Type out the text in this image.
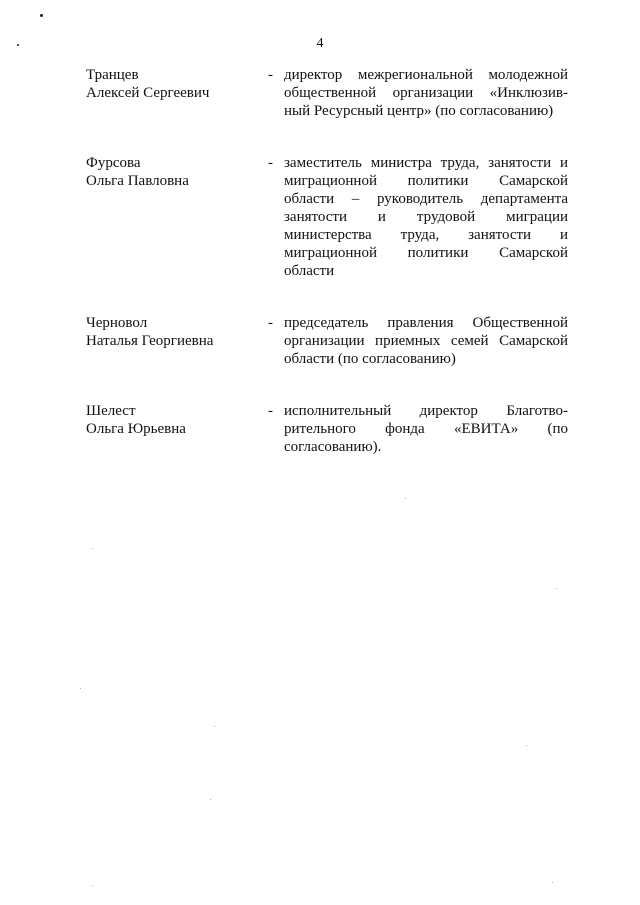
4
Транцев
Алексей Сергеевич
- директор межрегиональной молодежной
общественной организации «Инклюзив-
ный Ресурсный центр» (по согласованию)
Фурсова
Ольга Павловна
- заместитель министра труда, занятости и
миграционной политики Самарской
области – руководитель департамента
занятости и трудовой миграции
министерства труда, занятости и
миграционной политики Самарской
области
Черновол
Наталья Георгиевна
- председатель правления Общественной
организации приемных семей Самарской
области (по согласованию)
Шелест
Ольга Юрьевна
- исполнительный директор Благотво-
рительного фонда «ЕВИТА» (по
согласованию).
